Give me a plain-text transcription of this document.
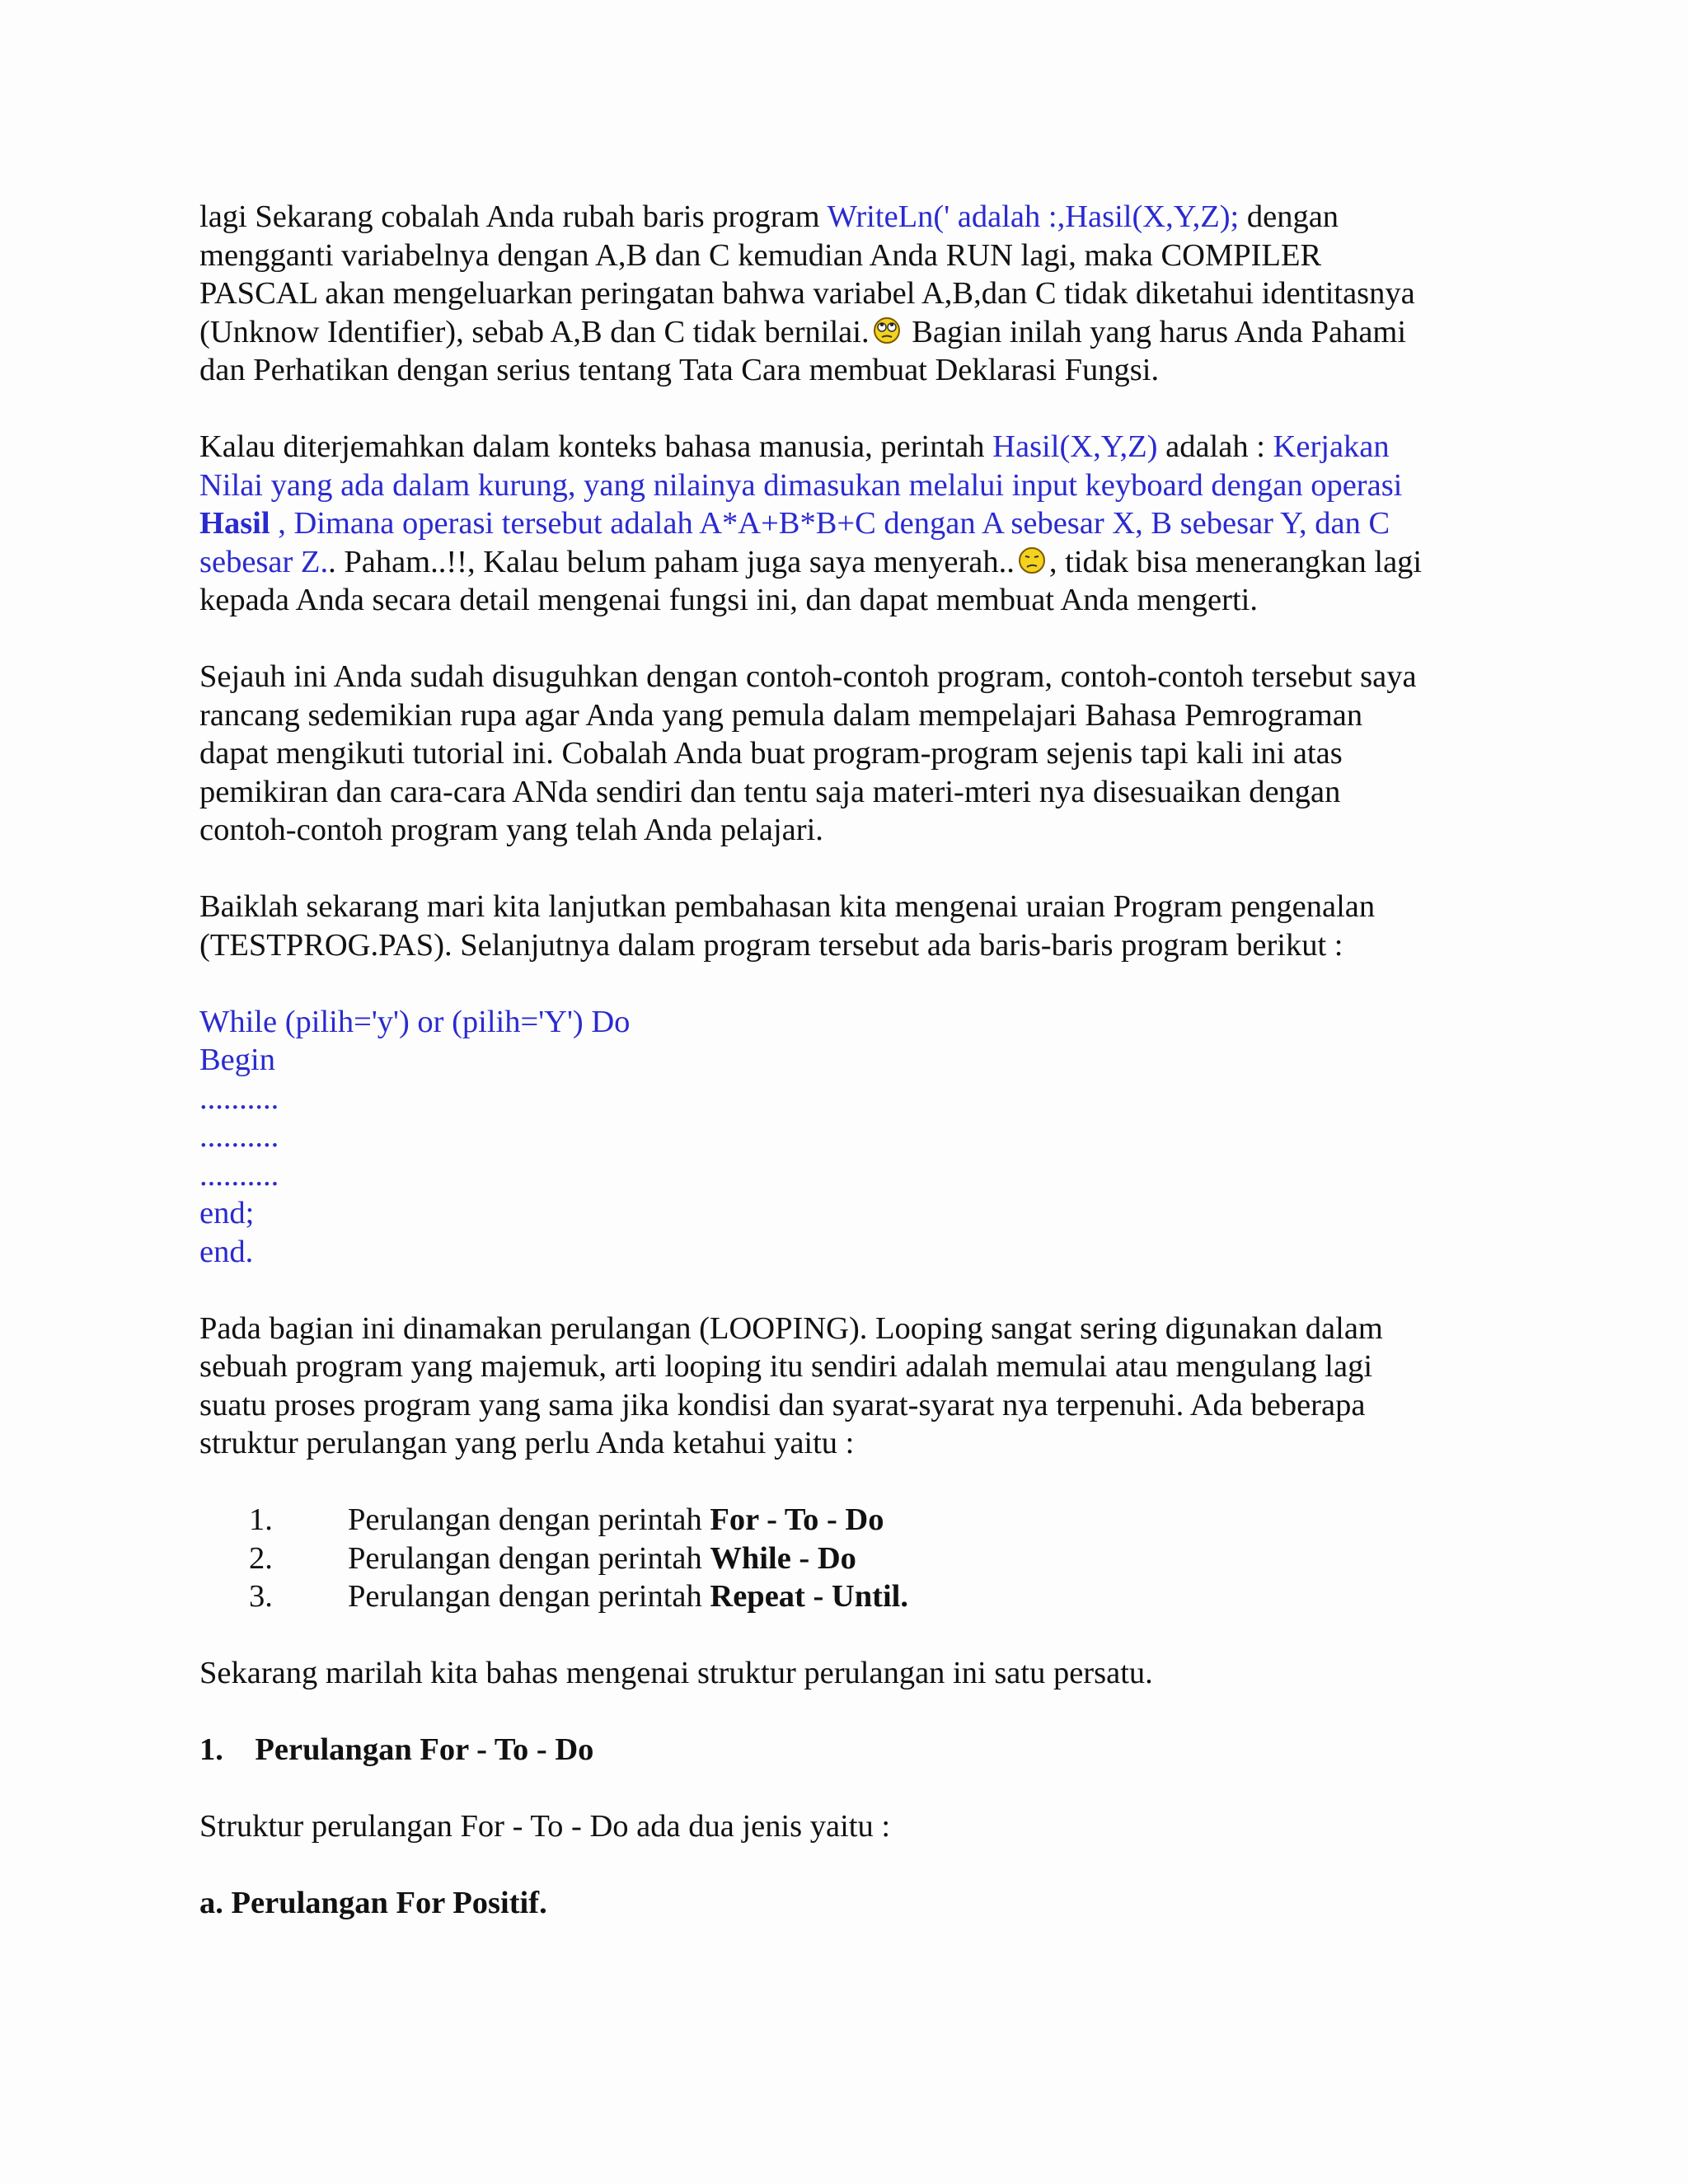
lagi Sekarang cobalah Anda rubah baris program WriteLn(' adalah :,Hasil(X,Y,Z); dengan
mengganti variabelnya dengan A,B dan C kemudian Anda RUN lagi, maka COMPILER
PASCAL akan mengeluarkan peringatan bahwa variabel A,B,dan C tidak diketahui identitasnya
(Unknow Identifier), sebab A,B dan C tidak bernilai. Bagian inilah yang harus Anda Pahami
dan Perhatikan dengan serius tentang Tata Cara membuat Deklarasi Fungsi.
Kalau diterjemahkan dalam konteks bahasa manusia, perintah Hasil(X,Y,Z) adalah : Kerjakan
Nilai yang ada dalam kurung, yang nilainya dimasukan melalui input keyboard dengan operasi
Hasil , Dimana operasi tersebut adalah A*A+B*B+C dengan A sebesar X, B sebesar Y, dan C
sebesar Z.. Paham..!!, Kalau belum paham juga saya menyerah.. , tidak bisa menerangkan lagi
kepada Anda secara detail mengenai fungsi ini, dan dapat membuat Anda mengerti.
Sejauh ini Anda sudah disuguhkan dengan contoh-contoh program, contoh-contoh tersebut saya
rancang sedemikian rupa agar Anda yang pemula dalam mempelajari Bahasa Pemrograman
dapat mengikuti tutorial ini. Cobalah Anda buat program-program sejenis tapi kali ini atas
pemikiran dan cara-cara ANda sendiri dan tentu saja materi-mteri nya disesuaikan dengan
contoh-contoh program yang telah Anda pelajari.
Baiklah sekarang mari kita lanjutkan pembahasan kita mengenai uraian Program pengenalan
(TESTPROG.PAS). Selanjutnya dalam program tersebut ada baris-baris program berikut :
While (pilih='y') or (pilih='Y') Do
Begin
..........
..........
..........
end;
end.
Pada bagian ini dinamakan perulangan (LOOPING). Looping sangat sering digunakan dalam
sebuah program yang majemuk, arti looping itu sendiri adalah memulai atau mengulang lagi
suatu proses program yang sama jika kondisi dan syarat-syarat nya terpenuhi. Ada beberapa
struktur perulangan yang perlu Anda ketahui yaitu :
1.	Perulangan dengan perintah For - To - Do
2.	Perulangan dengan perintah While - Do
3.	Perulangan dengan perintah Repeat - Until.
Sekarang marilah kita bahas mengenai struktur perulangan ini satu persatu.
1.    Perulangan For - To - Do
Struktur perulangan For - To - Do ada dua jenis yaitu :
a. Perulangan For Positif.
